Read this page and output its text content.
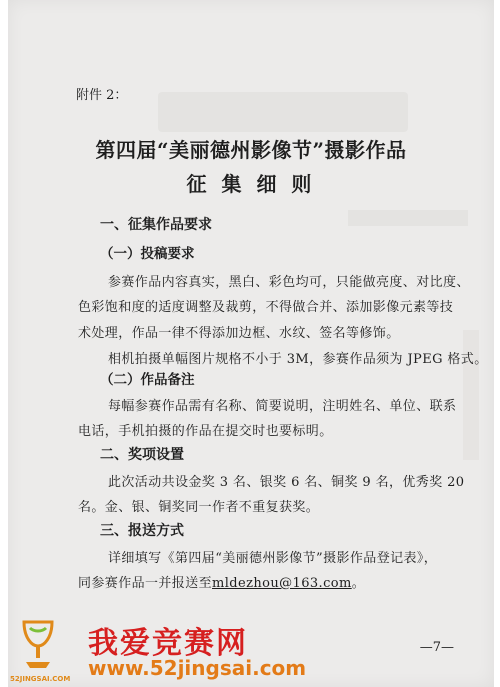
附件 2：
第四届“美丽德州影像节”摄影作品
征 集 细 则
一、征集作品要求
（一）投稿要求
参赛作品内容真实，黑白、彩色均可，只能做亮度、对比度、
色彩饱和度的适度调整及裁剪，不得做合并、添加影像元素等技
术处理，作品一律不得添加边框、水纹、签名等修饰。
相机拍摄单幅图片规格不小于 3M，参赛作品须为 JPEG 格式。
（二）作品备注
每幅参赛作品需有名称、简要说明，注明姓名、单位、联系
电话，手机拍摄的作品在提交时也要标明。
二、奖项设置
此次活动共设金奖 3 名、银奖 6 名、铜奖 9 名，优秀奖 20
名。金、银、铜奖同一作者不重复获奖。
三、报送方式
详细填写《第四届“美丽德州影像节”摄影作品登记表》，
同参赛作品一并报送至mldezhou@163.com。
—7—
52JINGSAI.COM
我爱竞赛网
www.52jingsai.com
